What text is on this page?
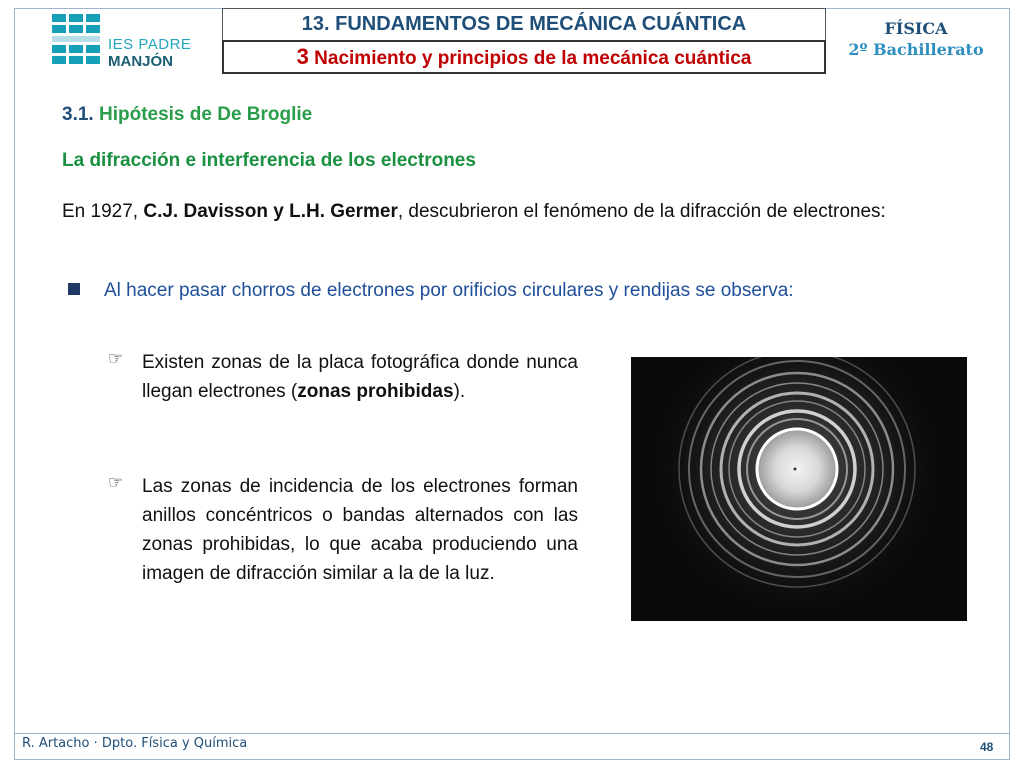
IES PADRE
MANJÓN
13. FUNDAMENTOS DE MECÁNICA CUÁNTICA
3 Nacimiento y principios de la mecánica cuántica
FÍSICA
2º Bachillerato
3.1. Hipótesis de De Broglie
La difracción e interferencia de los electrones
En 1927, C.J. Davisson y L.H. Germer, descubrieron el fenómeno de la difracción de electrones:
Al hacer pasar chorros de electrones por orificios circulares y rendijas se observa:
☞ Existen zonas de la placa fotográfica donde nunca llegan electrones (zonas prohibidas).
☞ Las zonas de incidencia de los electrones forman anillos concéntricos o bandas alternados con las zonas prohibidas, lo que acaba produciendo una imagen de difracción similar a la de la luz.
R. Artacho · Dpto. Física y Química	48
